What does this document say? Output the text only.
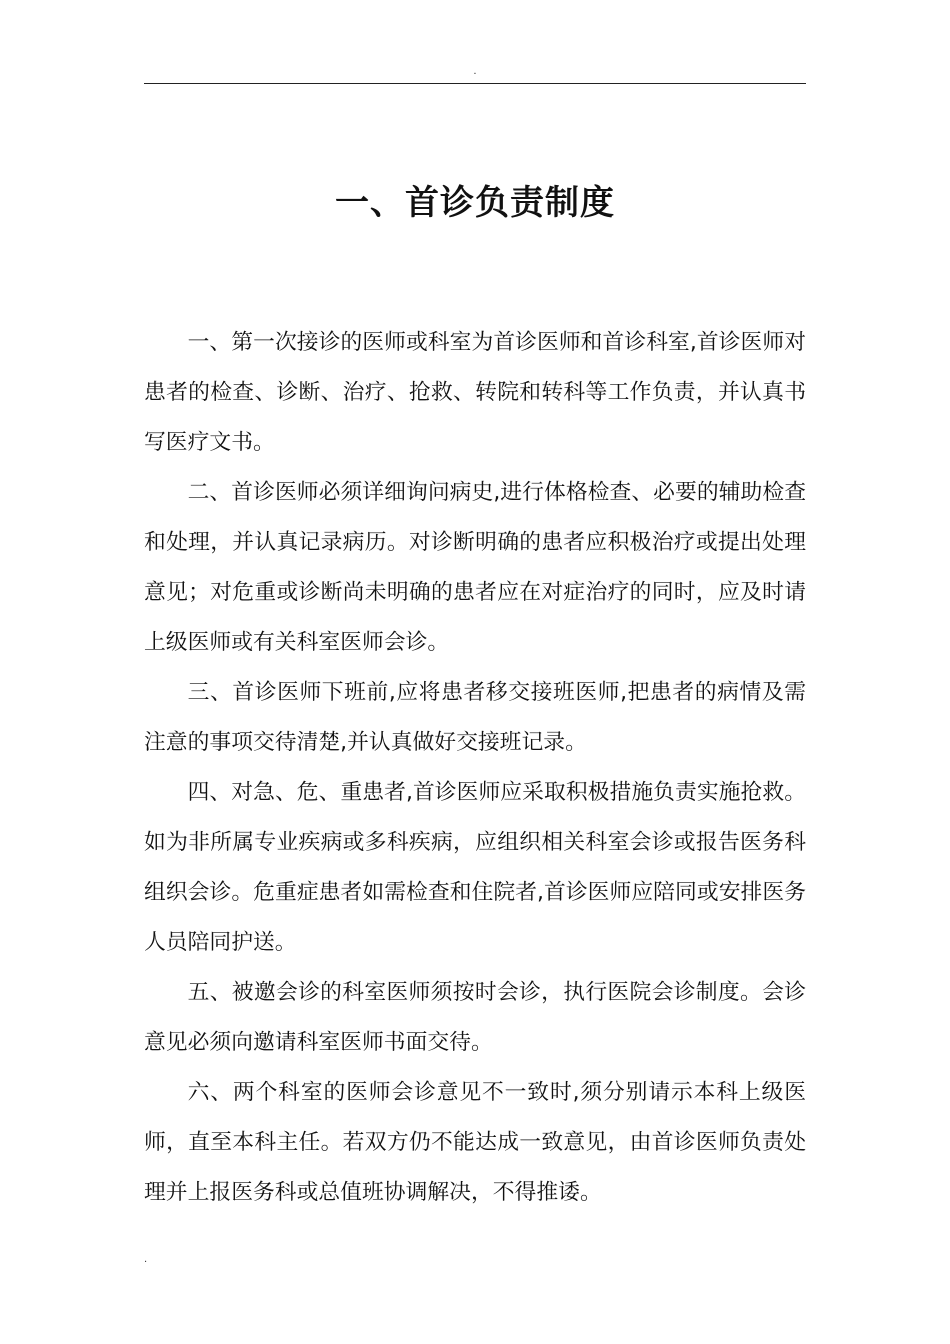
.
一、首诊负责制度

一、第一次接诊的医师或科室为首诊医师和首诊科室,首诊医师对患者的检查、诊断、治疗、抢救、转院和转科等工作负责，并认真书写医疗文书。

二、首诊医师必须详细询问病史,进行体格检查、必要的辅助检查和处理，并认真记录病历。对诊断明确的患者应积极治疗或提出处理意见；对危重或诊断尚未明确的患者应在对症治疗的同时，应及时请上级医师或有关科室医师会诊。

三、首诊医师下班前,应将患者移交接班医师,把患者的病情及需注意的事项交待清楚,并认真做好交接班记录。

四、对急、危、重患者,首诊医师应采取积极措施负责实施抢救。如为非所属专业疾病或多科疾病，应组织相关科室会诊或报告医务科组织会诊。危重症患者如需检查和住院者,首诊医师应陪同或安排医务人员陪同护送。

五、被邀会诊的科室医师须按时会诊，执行医院会诊制度。会诊意见必须向邀请科室医师书面交待。

六、两个科室的医师会诊意见不一致时,须分别请示本科上级医师，直至本科主任。若双方仍不能达成一致意见，由首诊医师负责处理并上报医务科或总值班协调解决，不得推诿。

.
